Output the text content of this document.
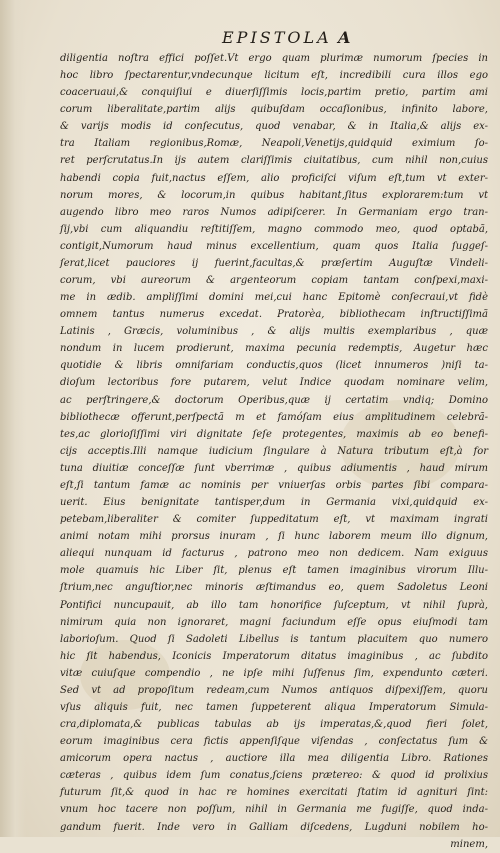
EPISTOLA A
diligentia noſtra effici poſſet.Vt ergo quam plurimæ numorum ſpecies in
hoc libro ſpectarentur,vndecunque licitum eſt, incredibili cura illos ego
coaceruaui,& conquiſiui e diuerſiſſimis locis,partim pretio, partim ami
corum liberalitate,partim alijs quibuſdam occaſionibus, infinito labore,
& varijs modis id conſecutus, quod venabar, & in Italia,& alijs ex-
tra Italiam regionibus,Romæ, Neapoli,Venetijs,quidquid eximium ſo-
ret perſcrutatus.In ijs autem clariſſimis ciuitatibus, cum nihil non,cuius
habendi copia fuit,nactus eſſem, alio proficiſci viſum eſt,tum vt exter-
norum mores, & locorum,in quibus habitant,ſitus explorarem:tum vt
augendo libro meo raros Numos adipiſcerer. In Germaniam ergo tran-
ſij,vbi cum aliquandiu reſtitiſſem, magno commodo meo, quod optabã,
contigit,Numorum haud minus excellentium, quam quos Italia ſuggeſ-
ſerat,licet pauciores ij fuerint,facultas,& præſertim Auguſtæ Vindeli-
corum, vbi aureorum & argenteorum copiam tantam conſpexi,maxi-
me in ædib. ampliſſimi domini mei,cui hanc Epitomè conſecraui,vt fidè
omnem tantus numerus excedat. Pratorèa, bibliothecam inſtructiſſimã
Latinis , Græcis, voluminibus , & alijs multis exemplaribus , quæ
nondum in lucem prodierunt, maxima pecunia redemptis, Augetur hæc
quotidie & libris omnifariam conductis,quos (licet innumeros )niſi ta-
dioſum lectoribus fore putarem, velut Indice quodam nominare velim,
ac perſtringere,& doctorum Operibus,quæ ij certatim vndiq; Domino
bibliothecæ offerunt,perſpectã m et famóſam eius amplitudinem celebrã-
tes,ac glorioſiſſimi viri dignitate ſeſe protegentes, maximis ab eo benefi-
cijs acceptis.Illi namque iudicium ſingulare à Natura tributum eſt,à for
tuna diuitiæ conceſſæ ſunt vberrimæ , quibus adiumentis , haud mirum
eſt,ſi tantum famæ ac nominis per vniuerſas orbis partes ſibi compara-
uerit. Eius benignitate tantisper,dum in Germania vixi,quidquid ex-
petebam,liberaliter & comiter ſuppeditatum eſt, vt maximam ingrati
animi notam mihi prorsus inuram , ſi hunc laborem meum illo dignum,
aliequi nunquam id facturus , patrono meo non dedicem. Nam exiguus
mole quamuis hic Liber ſit, plenus eſt tamen imaginibus virorum Illu-
ſtrium,nec anguſtior,nec minoris æſtimandus eo, quem Sadoletus Leoni
Pontifici nuncupauit, ab illo tam honorifice ſuſceptum, vt nihil ſuprà,
nimirum quia non ignoraret, magni faciundum eſſe opus eiuſmodi tam
laborioſum. Quod ſi Sadoleti Libellus is tantum placuitem quo numero
hic ſit habendus, Iconicis Imperatorum ditatus imaginibus , ac ſubdito
vitæ cuiuſque compendio , ne ipſe mihi ſuſfenus ſim, expendunto cæteri.
Sed vt ad propoſitum redeam,cum Numos antiquos diſpexiſſem, quoru
vſus aliquis fuit, nec tamen ſuppeterent aliqua Imperatorum Simula-
cra,diplomata,& publicas tabulas ab ijs imperatas,&,quod fieri ſolet,
eorum imaginibus cera fictis appenſiſque viſendas , conſectatus ſum &
amicorum opera nactus , auctiore illa mea diligentia Libro. Rationes
cæteras , quibus idem ſum conatus,ſciens prætereo: & quod id prolixius
futurum ſit,& quod in hac re homines exercitati ſtatim id agnituri ſint:
vnum hoc tacere non poſſum, nihil in Germania me fugiſſe, quod inda-
gandum fuerit. Inde vero in Galliam diſcedens, Lugduni nobilem ho-
minem,
